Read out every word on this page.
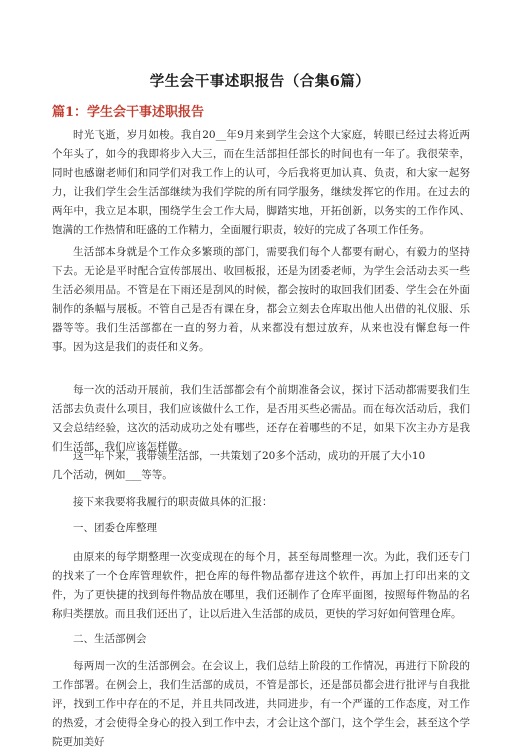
学生会干事述职报告（合集6篇）
篇1：学生会干事述职报告

时光飞逝，岁月如梭。我自20__年9月来到学生会这个大家庭，转眼已经过去将近两个年头了，如今的我即将步入大三，而在生活部担任部长的时间也有一年了。我很荣幸，同时也感谢老师们和同学们对我工作上的认可，今后我将更加认真、负责，和大家一起努力，让我们学生会生活部继续为我们学院的所有同学服务，继续发挥它的作用。在过去的两年中，我立足本职，围绕学生会工作大局，脚踏实地，开拓创新，以务实的工作作风、饱满的工作热情和旺盛的工作精力，全面履行职责，较好的完成了各项工作任务。

生活部本身就是个工作众多繁琐的部门，需要我们每个人都要有耐心，有毅力的坚持下去。无论是平时配合宣传部展出、收回板报，还是为团委老师，为学生会活动去买一些生活必须用品。不管是在下雨还是刮风的时候，都会按时的取回我们团委、学生会在外面制作的条幅与展板。不管自己是否有课在身，都会立刻去仓库取出他人出借的礼仪服、乐器等等。我们生活部都在一直的努力着，从来都没有想过放弃，从来也没有懈怠每一件事。因为这是我们的责任和义务。

每一次的活动开展前，我们生活部都会有个前期准备会议，探讨下活动都需要我们生活部去负责什么项目，我们应该做什么工作，是否用买些必需品。而在每次活动后，我们又会总结经验，这次的活动成功之处有哪些，还存在着哪些的不足，如果下次主办方是我们生活部，我们应该怎样做。

这一年下来，我带领生活部，一共策划了20多个活动，成功的开展了大小10

几个活动，例如___等等。

接下来我要将我履行的职责做具体的汇报：

一、团委仓库整理

由原来的每学期整理一次变成现在的每个月，甚至每周整理一次。为此，我们还专门的找来了一个仓库管理软件，把仓库的每件物品都存进这个软件，再加上打印出来的文件，为了更快捷的找到每件物品放在哪里，我们还制作了仓库平面图，按照每件物品的名称归类摆放。而且我们还出了，让以后进入生活部的成员，更快的学习好如何管理仓库。

二、生活部例会

每两周一次的生活部例会。在会议上，我们总结上阶段的工作情况，再进行下阶段的工作部署。在例会上，我们生活部的成员，不管是部长，还是部员都会进行批评与自我批评，找到工作中存在的不足，并且共同改进，共同进步，有一个严谨的工作态度，对工作的热爱，才会使得全身心的投入到工作中去，才会让这个部门，这个学生会，甚至这个学院更加美好
